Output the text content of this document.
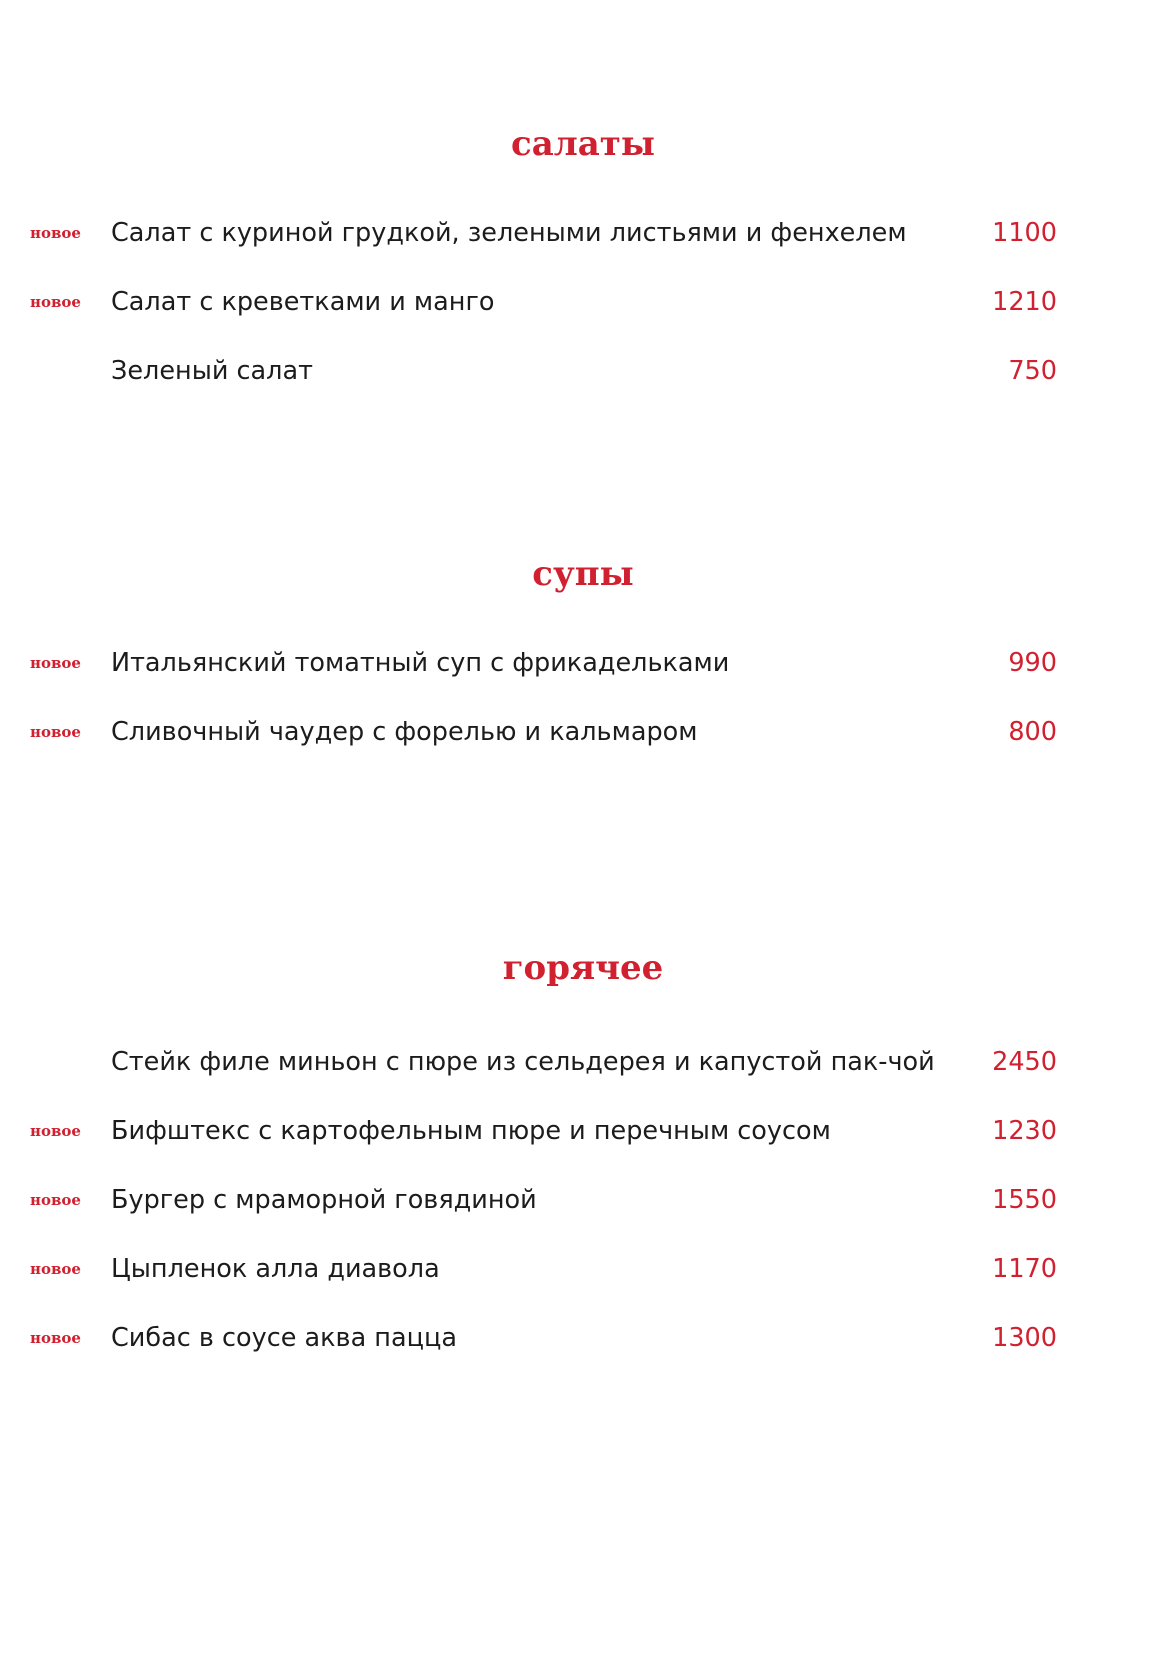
салаты
новое Салат с куриной грудкой, зелеными листьями и фенхелем	1100
новое Салат с креветками и манго	1210
Зеленый салат	750
супы
новое Итальянский томатный суп с фрикадельками	990
новое Сливочный чаудер с форелью и кальмаром	800
горячее
Стейк филе миньон с пюре из сельдерея и капустой пак-чой 2450
новое Бифштекс с картофельным пюре и перечным соусом	1230
новое Бургер с мраморной говядиной	1550
новое Цыпленок алла диавола	1170
новое Сибас в соусе аква пацца	1300
